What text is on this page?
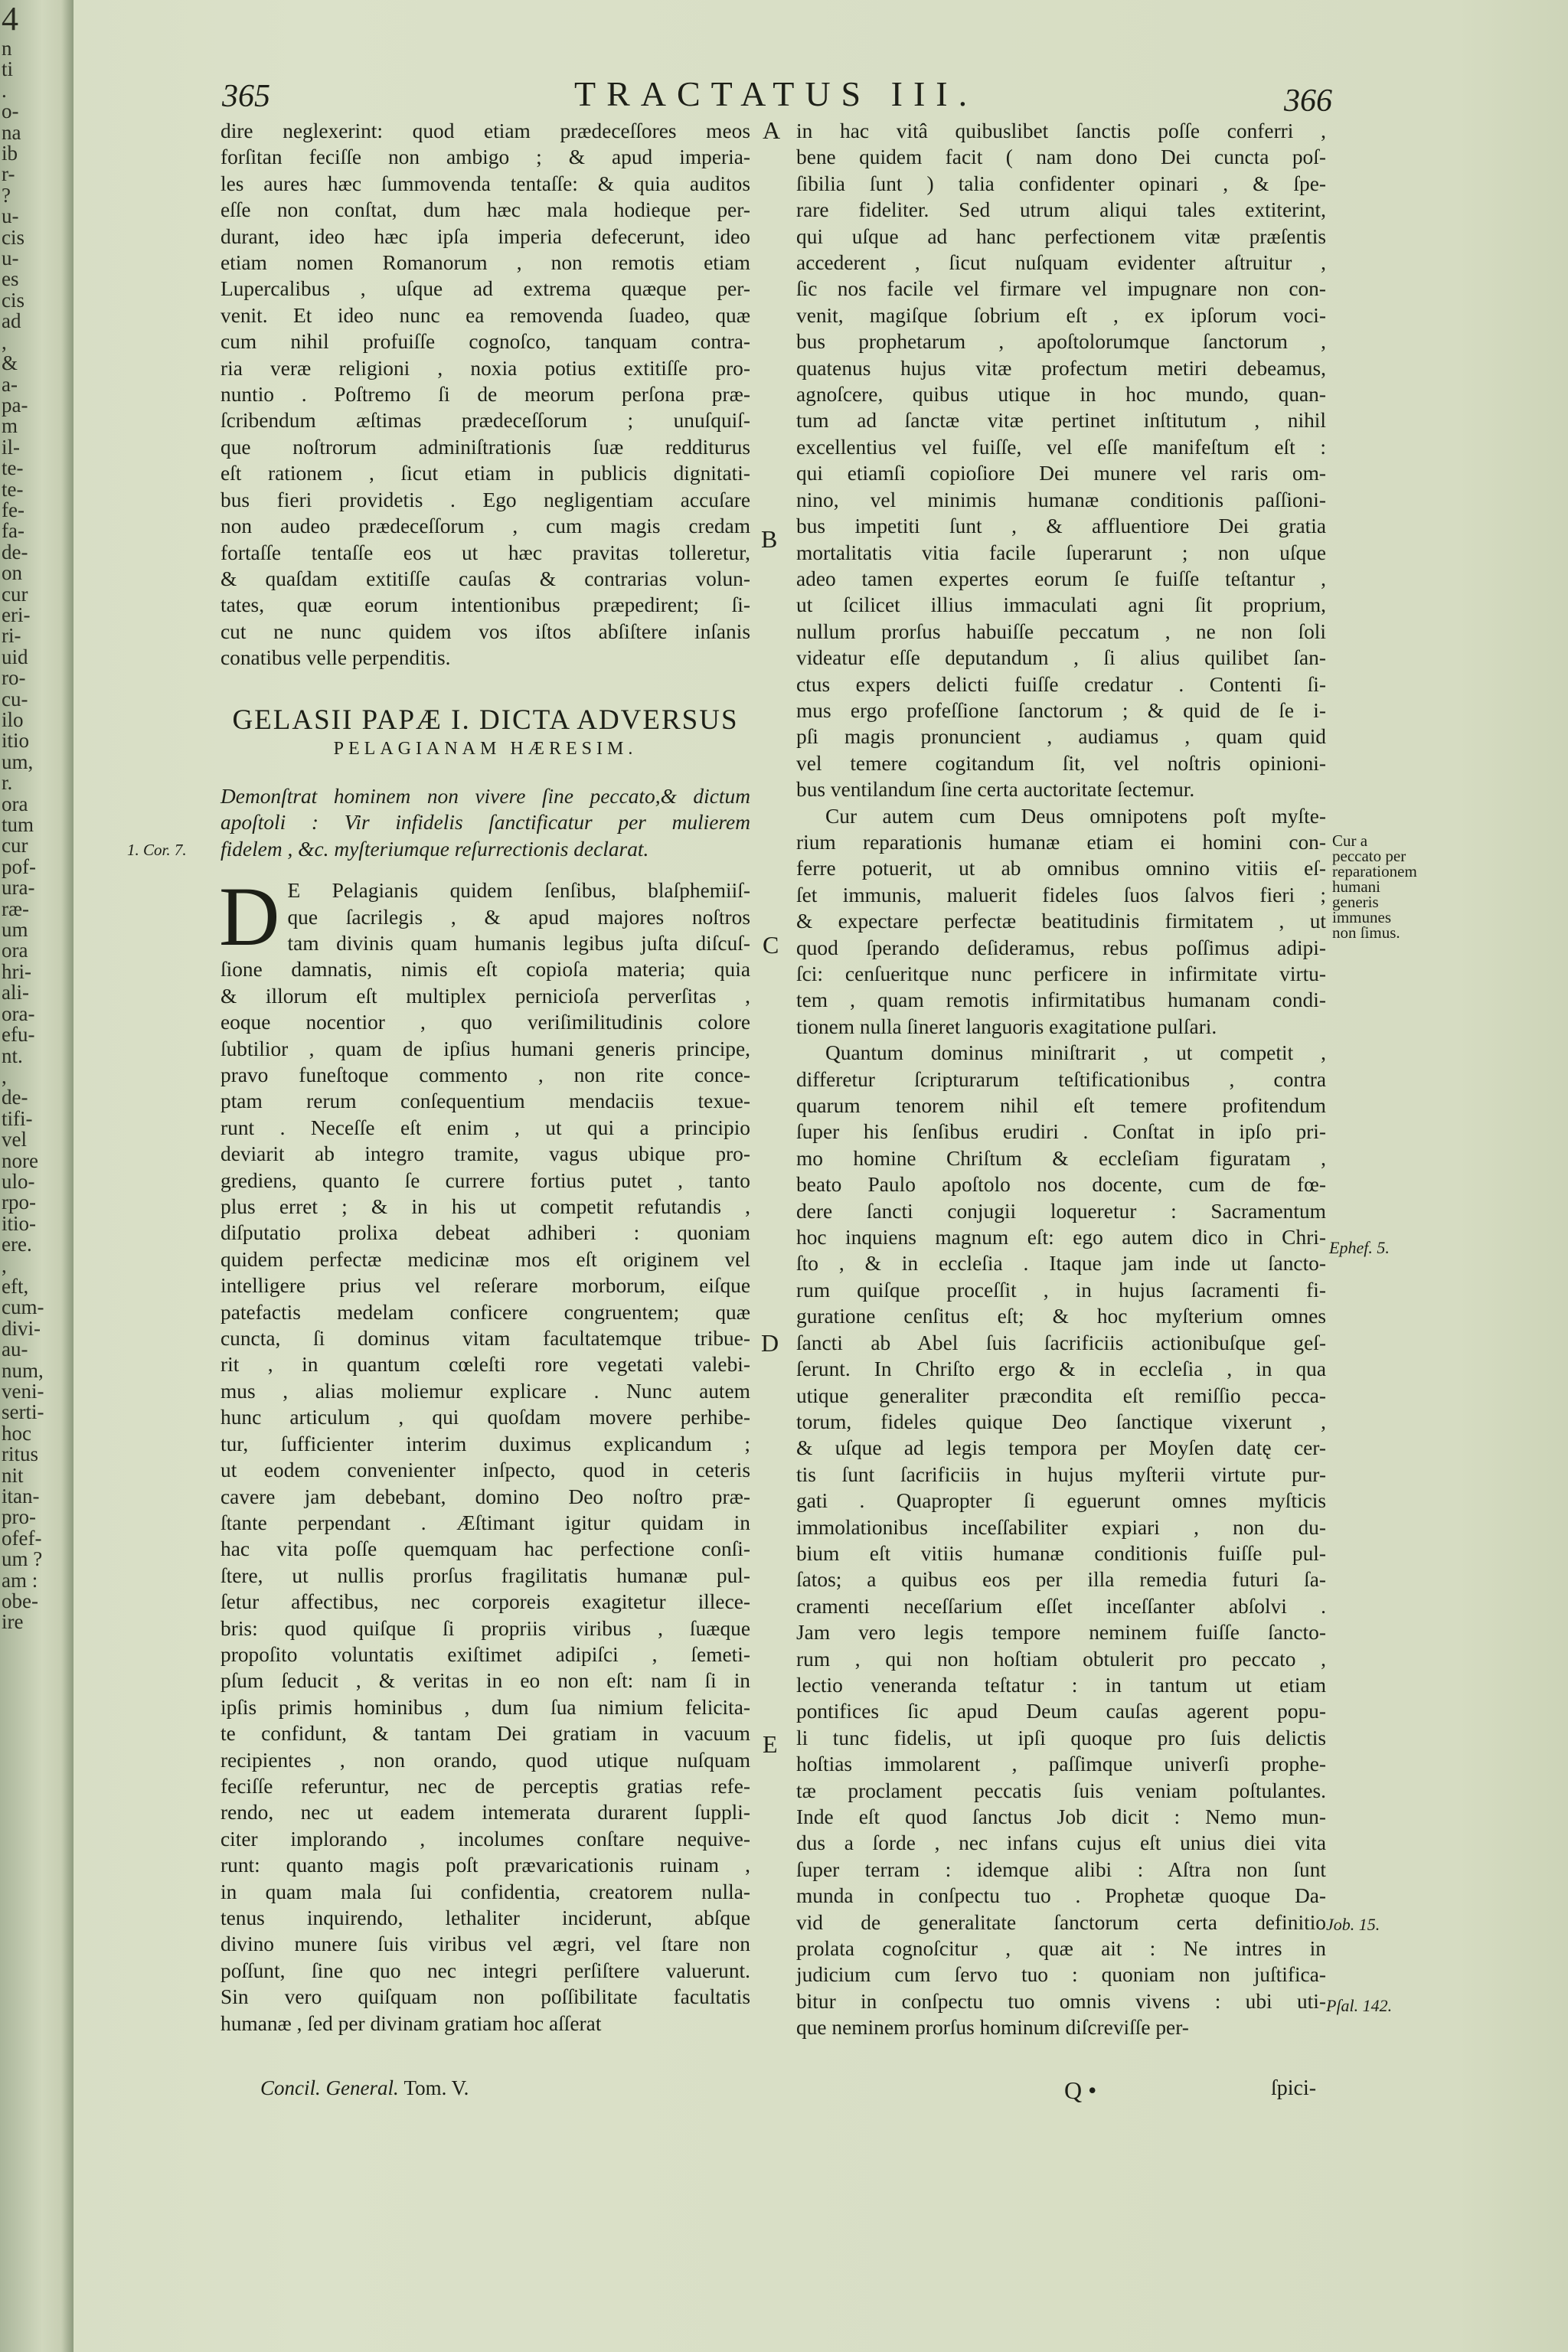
4
n
ti
.
o-
na
ib
r-
?
u-
cis
u-
es
cis
ad
,
&
a-
pa-
m
il-
te-
te-
fe-
fa-
de-
on
cur
eri-
ri-
uid
ro-
cu-
ilo
itio
um,
r.
ora
tum
cur
pof-
ura-
ræ-
um
ora
hri-
ali-
ora-
efu-
nt.
,
de-
tifi-
vel
nore
ulo-
rpo-
itio-
ere.
,
eft,
cum-
divi-
au-
num,
veni-
serti-
hoc
ritus
nit
itan-
pro-
ofef-
um ?
am :
obe-
ire
365	TRACTATUS III.	366
dire neglexerint: quod etiam prædeceſſores meos
forſitan feciſſe non ambigo ; & apud imperia-
les aures hæc ſummovenda tentaſſe: & quia auditos
eſſe non conſtat, dum hæc mala hodieque per-
durant, ideo hæc ipſa imperia defecerunt, ideo
etiam nomen Romanorum , non remotis etiam
Lupercalibus , uſque ad extrema quæque per-
venit. Et ideo nunc ea removenda ſuadeo, quæ
cum nihil profuiſſe cognoſco, tanquam contra-
ria veræ religioni , noxia potius extitiſſe pro-
nuntio . Poſtremo ſi de meorum perſona præ-
ſcribendum æſtimas prædeceſſorum ; unuſquiſ-
que noſtrorum adminiſtrationis ſuæ redditurus
eſt rationem , ſicut etiam in publicis dignitati-
bus fieri providetis . Ego negligentiam accuſare
non audeo prædeceſſorum , cum magis credam
fortaſſe tentaſſe eos ut hæc pravitas tolleretur,
& quaſdam extitiſſe cauſas & contrarias volun-
tates, quæ eorum intentionibus præpedirent; ſi-
cut ne nunc quidem vos iſtos abſiſtere inſanis
conatibus velle perpenditis.
GELASII PAPÆ I. DICTA ADVERSUS
PELAGIANAM HÆRESIM.
Demonſtrat hominem non vivere ſine peccato,& dictum
apoſtoli : Vir infidelis ſanctificatur per mulierem
fidelem , &c. myſteriumque reſurrectionis declarat.
D E Pelagianis quidem ſenſibus, blaſphemiiſ-
que ſacrilegis , & apud majores noſtros
tam divinis quam humanis legibus juſta diſcuſ-
ſione damnatis, nimis eſt copioſa materia; quia
& illorum eſt multiplex pernicioſa perverſitas ,
eoque nocentior , quo veriſimilitudinis colore
ſubtilior , quam de ipſius humani generis principe,
pravo funeſtoque commento , non rite conce-
ptam rerum conſequentium mendaciis texue-
runt . Neceſſe eſt enim , ut qui a principio
deviarit ab integro tramite, vagus ubique pro-
grediens, quanto ſe currere fortius putet , tanto
plus erret ; & in his ut competit refutandis ,
diſputatio prolixa debeat adhiberi : quoniam
quidem perfectæ medicinæ mos eſt originem vel
intelligere prius vel reſerare morborum, eiſque
patefactis medelam conficere congruentem; quæ
cuncta, ſi dominus vitam facultatemque tribue-
rit , in quantum cœleſti rore vegetati valebi-
mus , alias moliemur explicare . Nunc autem
hunc articulum , qui quoſdam movere perhibe-
tur, ſufficienter interim duximus explicandum ;
ut eodem convenienter inſpecto, quod in ceteris
cavere jam debebant, domino Deo noſtro præ-
ſtante perpendant . Æſtimant igitur quidam in
hac vita poſſe quemquam hac perfectione conſi-
ſtere, ut nullis prorſus fragilitatis humanæ pul-
ſetur affectibus, nec corporeis exagitetur illece-
bris: quod quiſque ſi propriis viribus , ſuæque
propoſito voluntatis exiſtimet adipiſci , ſemeti-
pſum ſeducit , & veritas in eo non eſt: nam ſi in
ipſis primis hominibus , dum ſua nimium felicita-
te confidunt, & tantam Dei gratiam in vacuum
recipientes , non orando, quod utique nuſquam
feciſſe referuntur, nec de perceptis gratias refe-
rendo, nec ut eadem intemerata durarent ſuppli-
citer implorando , incolumes conſtare nequive-
runt: quanto magis poſt prævaricationis ruinam ,
in quam mala ſui confidentia, creatorem nulla-
tenus inquirendo, lethaliter inciderunt, abſque
divino munere ſuis viribus vel ægri, vel ſtare non
poſſunt, ſine quo nec integri perſiſtere valuerunt.
Sin vero quiſquam non poſſibilitate facultatis
humanæ , ſed per divinam gratiam hoc aſſerat
in hac vitâ quibuslibet ſanctis poſſe conferri ,
bene quidem facit ( nam dono Dei cuncta poſ-
ſibilia ſunt ) talia confidenter opinari , & ſpe-
rare fideliter. Sed utrum aliqui tales extiterint,
qui uſque ad hanc perfectionem vitæ præſentis
accederent , ſicut nuſquam evidenter aſtruitur ,
ſic nos facile vel firmare vel impugnare non con-
venit, magiſque ſobrium eſt , ex ipſorum voci-
bus prophetarum , apoſtolorumque ſanctorum ,
quatenus hujus vitæ profectum metiri debeamus,
agnoſcere, quibus utique in hoc mundo, quan-
tum ad ſanctæ vitæ pertinet inſtitutum , nihil
excellentius vel fuiſſe, vel eſſe manifeſtum eſt :
qui etiamſi copioſiore Dei munere vel raris om-
nino, vel minimis humanæ conditionis paſſioni-
bus impetiti ſunt , & affluentiore Dei gratia
mortalitatis vitia facile ſuperarunt ; non uſque
adeo tamen expertes eorum ſe fuiſſe teſtantur ,
ut ſcilicet illius immaculati agni ſit proprium,
nullum prorſus habuiſſe peccatum , ne non ſoli
videatur eſſe deputandum , ſi alius quilibet ſan-
ctus expers delicti fuiſſe credatur . Contenti ſi-
mus ergo profeſſione ſanctorum ; & quid de ſe i-
pſi magis pronuncient , audiamus , quam quid
vel temere cogitandum ſit, vel noſtris opinioni-
bus ventilandum ſine certa auctoritate ſectemur.
Cur autem cum Deus omnipotens poſt myſte-
rium reparationis humanæ etiam ei homini con-
ferre potuerit, ut ab omnibus omnino vitiis eſ-
ſet immunis, maluerit fideles ſuos ſalvos fieri ;
& expectare perfectæ beatitudinis firmitatem , ut
quod ſperando deſideramus, rebus poſſimus adipi-
ſci: cenſueritque nunc perficere in infirmitate virtu-
tem , quam remotis infirmitatibus humanam condi-
tionem nulla ſineret languoris exagitatione pulſari.
Quantum dominus miniſtrarit , ut competit ,
differetur ſcripturarum teſtificationibus , contra
quarum tenorem nihil eſt temere profitendum
ſuper his ſenſibus erudiri . Conſtat in ipſo pri-
mo homine Chriſtum & eccleſiam figuratam ,
beato Paulo apoſtolo nos docente, cum de fœ-
dere ſancti conjugii loqueretur : Sacramentum
hoc inquiens magnum eſt: ego autem dico in Chri-
ſto , & in eccleſia . Itaque jam inde ut ſancto-
rum quiſque proceſſit , in hujus ſacramenti fi-
guratione cenſitus eſt; & hoc myſterium omnes
ſancti ab Abel ſuis ſacrificiis actionibuſque geſ-
ſerunt. In Chriſto ergo & in eccleſia , in qua
utique generaliter præcondita eſt remiſſio pecca-
torum, fideles quique Deo ſanctique vixerunt ,
& uſque ad legis tempora per Moyſen datę cer-
tis ſunt ſacrificiis in hujus myſterii virtute pur-
gati . Quapropter ſi eguerunt omnes myſticis
immolationibus inceſſabiliter expiari , non du-
bium eſt vitiis humanæ conditionis fuiſſe pul-
ſatos; a quibus eos per illa remedia futuri ſa-
cramenti neceſſarium eſſet inceſſanter abſolvi .
Jam vero legis tempore neminem fuiſſe ſancto-
rum , qui non hoſtiam obtulerit pro peccato ,
lectio veneranda teſtatur : in tantum ut etiam
pontifices ſic apud Deum cauſas agerent popu-
li tunc fidelis, ut ipſi quoque pro ſuis delictis
hoſtias immolarent , paſſimque univerſi prophe-
tæ proclament peccatis ſuis veniam poſtulantes.
Inde eſt quod ſanctus Job dicit : Nemo mun-
dus a ſorde , nec infans cujus eſt unius diei vita
ſuper terram : idemque alibi : Aſtra non ſunt
munda in conſpectu tuo . Prophetæ quoque Da-
vid de generalitate ſanctorum certa definitio
prolata cognoſcitur , quæ ait : Ne intres in
judicium cum ſervo tuo : quoniam non juſtifica-
bitur in conſpectu tuo omnis vivens : ubi uti-
que neminem prorſus hominum diſcreviſſe per-
A
B
C
D
E
1. Cor. 7.	Cur a peccato per reparationem humani generis immunes non ſimus.
Ephef. 5.
Job. 15.
Pſal. 142.
Concil. General. Tom. V.	Q •	ſpici-
